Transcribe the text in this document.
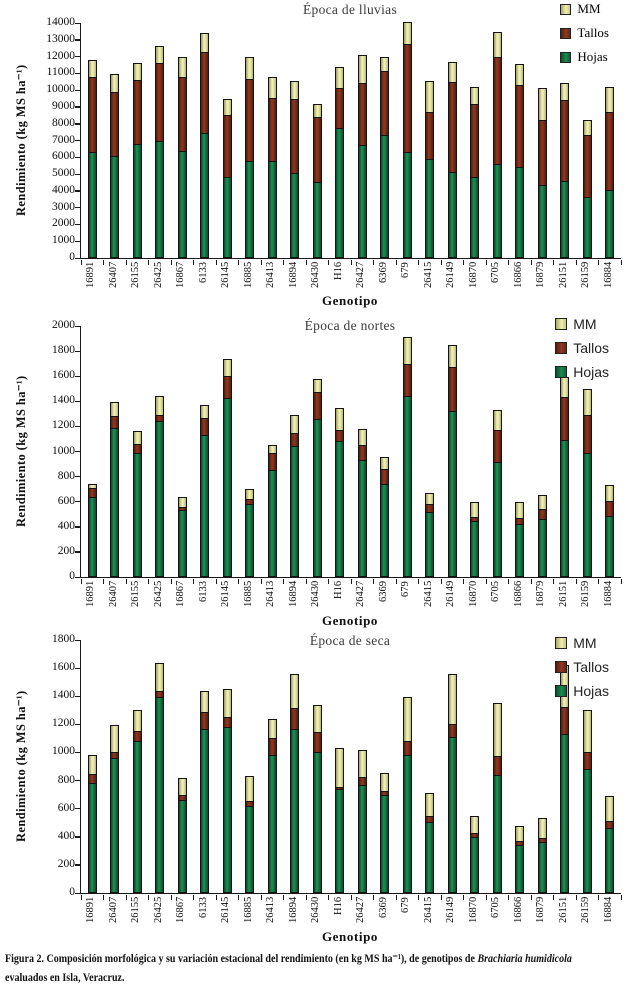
Época de lluvias
Rendimiento (kg MS ha⁻¹)
0
1000
2000
3000
4000
5000
6000
7000
8000
9000
10000
11000
12000
13000
14000
16891 26407 26155 26425 16867 6133 26145 16885 26413 16894 26430 H16 26427 6369 679 26415 26149 16870 6705 16866 16879 26151 26159 16884
Genotipo
MM
Tallos
Hojas
Época de nortes
Rendimiento (kg MS ha⁻¹)
0
200
400
600
800
1000
1200
1400
1600
1800
2000
16891 26407 26155 26425 16867 6133 26145 16885 26413 16894 26430 H16 26427 6369 679 26415 26149 16870 6705 16866 16879 26151 26159 16884
Genotipo
MM
Tallos
Hojas
Época de seca
Rendimiento (kg MS ha⁻¹)
0
200
400
600
800
1000
1200
1400
1600
1800
16891 26407 26155 26425 16867 6133 26145 16885 26413 16894 26430 H16 26427 6369 679 26415 26149 16870 6705 16866 16879 26151 26159 16884
Genotipo
MM
Tallos
Hojas
Figura 2. Composición morfológica y su variación estacional del rendimiento (en kg MS ha⁻¹), de genotipos de Brachiaria humidicola
evaluados en Isla, Veracruz.
